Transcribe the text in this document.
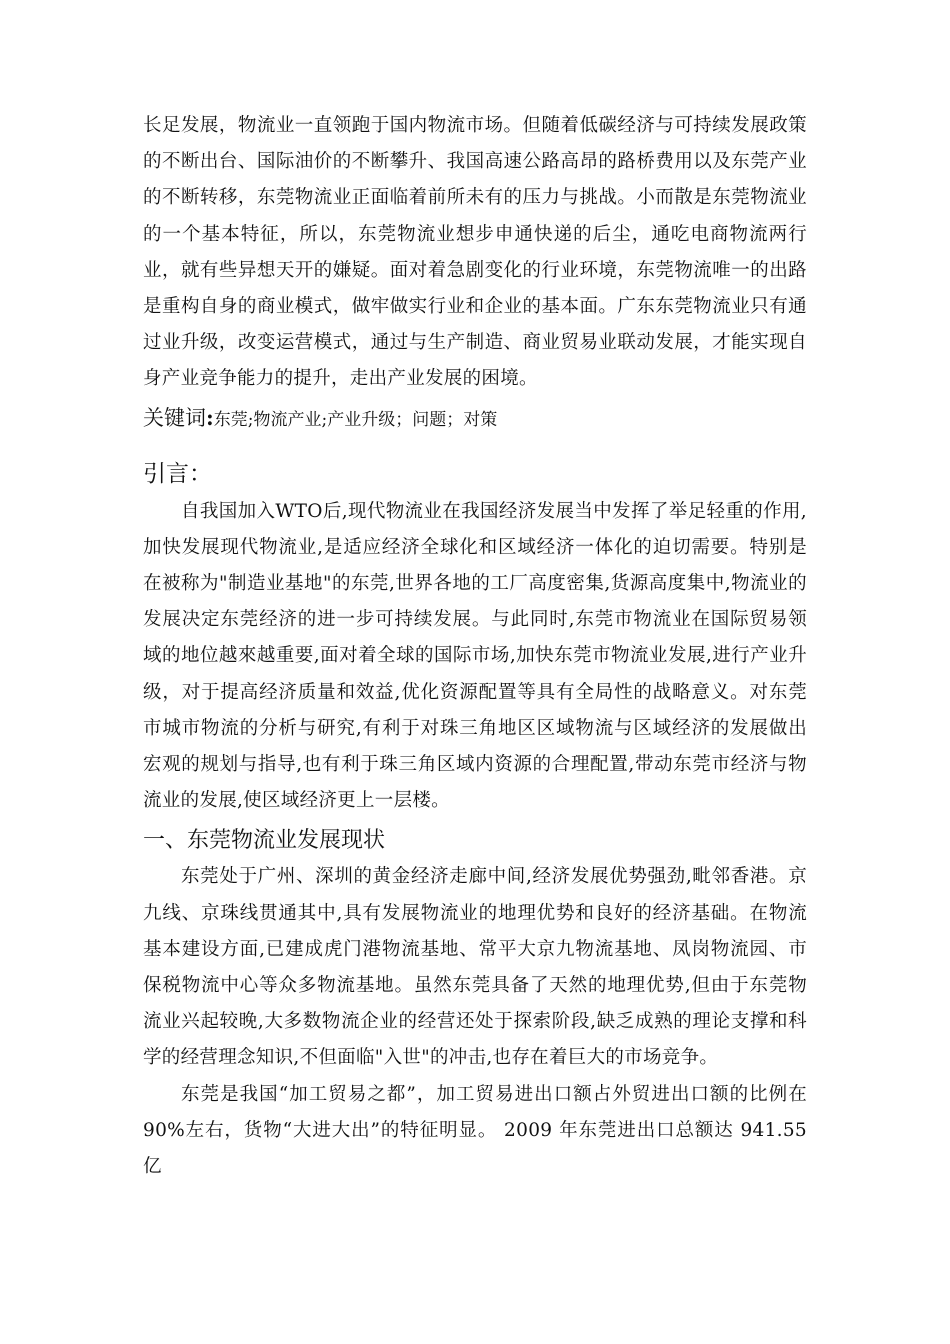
长足发展，物流业一直领跑于国内物流市场。但随着低碳经济与可持续发展政策的不断出台、国际油价的不断攀升、我国高速公路高昂的路桥费用以及东莞产业的不断转移，东莞物流业正面临着前所未有的压力与挑战。小而散是东莞物流业的一个基本特征，所以，东莞物流业想步申通快递的后尘，通吃电商物流两行业，就有些异想天开的嫌疑。面对着急剧变化的行业环境，东莞物流唯一的出路是重构自身的商业模式，做牢做实行业和企业的基本面。广东东莞物流业只有通过业升级，改变运营模式，通过与生产制造、商业贸易业联动发展，才能实现自身产业竞争能力的提升，走出产业发展的困境。

关键词:东莞;物流产业;产业升级；问题；对策

引言：

自我国加入WTO后,现代物流业在我国经济发展当中发挥了举足轻重的作用,加快发展现代物流业,是适应经济全球化和区域经济一体化的迫切需要。特别是在被称为"制造业基地"的东莞,世界各地的工厂高度密集,货源高度集中,物流业的发展决定东莞经济的进一步可持续发展。与此同时,东莞市物流业在国际贸易领域的地位越來越重要,面对着全球的国际市场,加快东莞市物流业发展,进行产业升级，对于提高经济质量和效益,优化资源配置等具有全局性的战略意义。对东莞市城市物流的分析与研究,有利于对珠三角地区区域物流与区域经济的发展做出宏观的规划与指导,也有利于珠三角区域内资源的合理配置,带动东莞市经济与物流业的发展,使区域经济更上一层楼。

一、东莞物流业发展现状

东莞处于广州、深圳的黄金经济走廊中间,经济发展优势强劲,毗邻香港。京九线、京珠线贯通其中,具有发展物流业的地理优势和良好的经济基础。在物流基本建设方面,已建成虎门港物流基地、常平大京九物流基地、凤岗物流园、市保税物流中心等众多物流基地。虽然东莞具备了天然的地理优势,但由于东莞物流业兴起较晚,大多数物流企业的经营还处于探索阶段,缺乏成熟的理论支撑和科学的经营理念知识,不但面临"入世"的冲击,也存在着巨大的市场竞争。

东莞是我国“加工贸易之都”，加工贸易进出口额占外贸进出口额的比例在90%左右，货物“大进大出”的特征明显。 2009 年东莞进出口总额达 941.55 亿
